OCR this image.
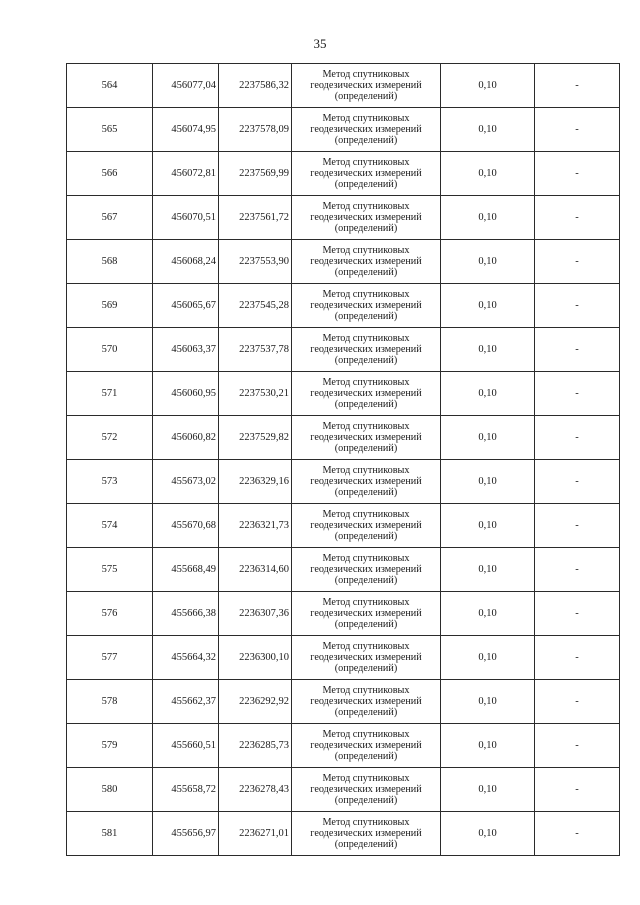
35
564	456077,04	2237586,32	Метод спутниковых
геодезических измерений
(определений)	0,10	-
565	456074,95	2237578,09	Метод спутниковых
геодезических измерений
(определений)	0,10	-
566	456072,81	2237569,99	Метод спутниковых
геодезических измерений
(определений)	0,10	-
567	456070,51	2237561,72	Метод спутниковых
геодезических измерений
(определений)	0,10	-
568	456068,24	2237553,90	Метод спутниковых
геодезических измерений
(определений)	0,10	-
569	456065,67	2237545,28	Метод спутниковых
геодезических измерений
(определений)	0,10	-
570	456063,37	2237537,78	Метод спутниковых
геодезических измерений
(определений)	0,10	-
571	456060,95	2237530,21	Метод спутниковых
геодезических измерений
(определений)	0,10	-
572	456060,82	2237529,82	Метод спутниковых
геодезических измерений
(определений)	0,10	-
573	455673,02	2236329,16	Метод спутниковых
геодезических измерений
(определений)	0,10	-
574	455670,68	2236321,73	Метод спутниковых
геодезических измерений
(определений)	0,10	-
575	455668,49	2236314,60	Метод спутниковых
геодезических измерений
(определений)	0,10	-
576	455666,38	2236307,36	Метод спутниковых
геодезических измерений
(определений)	0,10	-
577	455664,32	2236300,10	Метод спутниковых
геодезических измерений
(определений)	0,10	-
578	455662,37	2236292,92	Метод спутниковых
геодезических измерений
(определений)	0,10	-
579	455660,51	2236285,73	Метод спутниковых
геодезических измерений
(определений)	0,10	-
580	455658,72	2236278,43	Метод спутниковых
геодезических измерений
(определений)	0,10	-
581	455656,97	2236271,01	Метод спутниковых
геодезических измерений
(определений)	0,10	-
